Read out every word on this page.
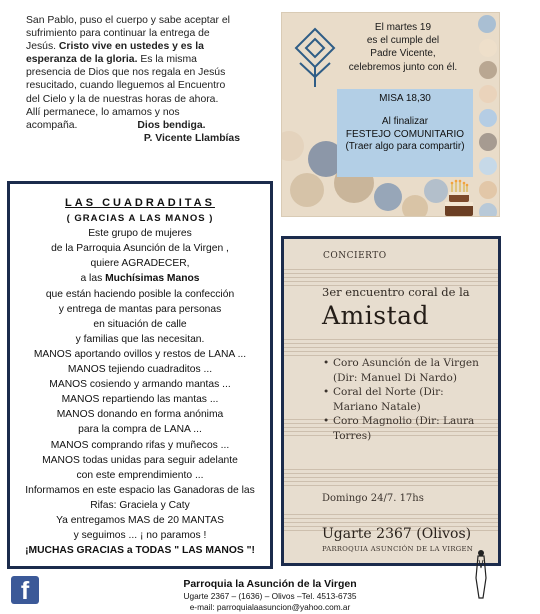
San Pablo, puso el cuerpo y sabe aceptar el
sufrimiento para continuar la entrega de
Jesús. Cristo vive en ustedes y es la
esperanza de la gloria. Es la misma
presencia de Dios que nos regala en Jesús
resucitado, cuando lleguemos al Encuentro
del Cielo y la de nuestras horas de ahora.
Allí permanece, lo amamos y nos
acompaña.	Dios bendiga.
P. Vicente Llambías
El martes 19
es el cumple del
Padre Vicente,
celebremos junto con él.
MISA 18,30
Al finalizar
FESTEJO COMUNITARIO
(Traer algo para compartir)
LAS CUADRADITAS
( GRACIAS A LAS MANOS )
Este grupo de mujeres
de la Parroquia Asunción de la Virgen ,
quiere AGRADECER,
a las Muchísimas Manos
que están haciendo posible la confección
y entrega de mantas para personas
en situación de calle
y familias que las necesitan.
MANOS aportando ovillos y restos de LANA ...
MANOS tejiendo cuadraditos ...
MANOS cosiendo y armando mantas ...
MANOS repartiendo las mantas ...
MANOS donando en forma anónima
para la compra de LANA ...
MANOS comprando rifas y muñecos ...
MANOS todas unidas para seguir adelante
con este emprendimiento ...
Informamos en este espacio las Ganadoras de las
Rifas: Graciela y Caty
Ya entregamos MAS de 20 MANTAS
y seguimos ... ¡ no paramos !
¡MUCHAS GRACIAS a TODAS " LAS MANOS "!
CONCIERTO
3er encuentro coral de la
Amistad
• Coro Asunción de la Virgen (Dir: Manuel Di Nardo)
• Coral del Norte (Dir: Mariano Natale)
• Coro Magnolio (Dir: Laura Torres)
Domingo 24/7. 17hs
Ugarte 2367 (Olivos)
PARROQUIA ASUNCIÓN DE LA VIRGEN
f	Parroquia la Asunción de la Virgen
Ugarte 2367 – (1636) – Olivos –Tel. 4513-6735
e-mail: parroquialaasuncion@yahoo.com.ar
